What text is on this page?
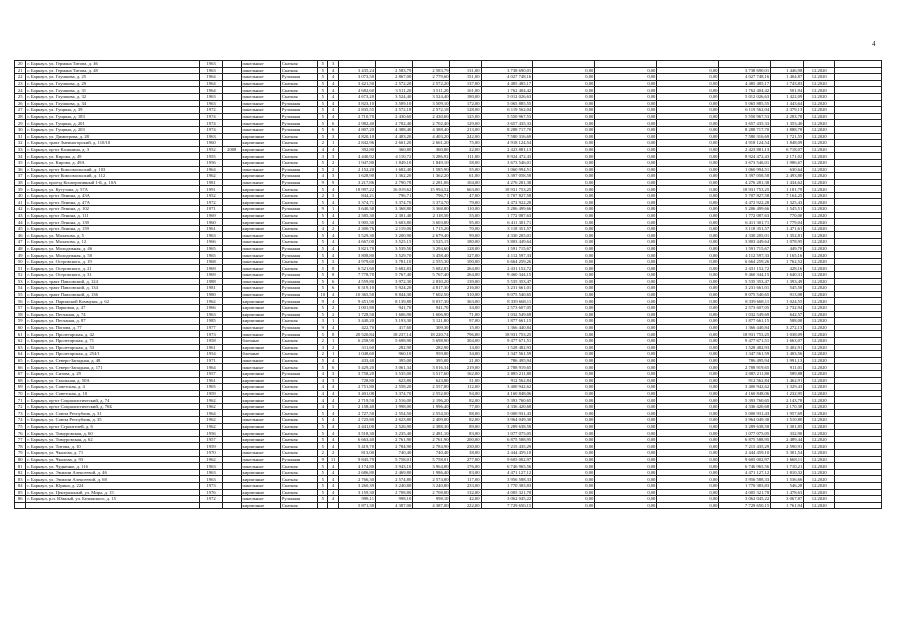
4
20	г. Барнаул, ул. Германа Титова, д. 46	1963		панельные	Скатная	5	3												
21	г. Барнаул, ул. Германа Титова, д. 48	1963		панельные	Скатная	5	4	3 435,24	2 583,79	2 583,79	131,00	3 738 690,01	0,00	0,00	0,00	3 738 690,01	1 446,98	12.2020	
22	г. Барнаул, ул. Глушкова, д. 25	1964		панельные	Рулонная	5	4	3 073,50	2 867,00	2 779,60	151,00	4 027 748,16	0,00	0,00	0,00	4 027 748,16	1 404,87	12.2020	
23	г. Барнаул, ул. Глушкова, д. 29	1964		панельные	Скатная	5	4	3 421,50	2 572,20	2 572,20	137,00	4 485 485,17	0,00	0,00	0,00	4 485 485,17	1 743,83	12.2020	
24	г. Барнаул, ул. Глушкова, д. 31	1964		панельные	Скатная	5	4	4 682,60	3 511,20	3 511,20	161,00	1 762 404,42	0,00	0,00	0,00	1 762 404,42	501,94	12.2020	
25	г. Барнаул, ул. Глушкова, д. 32	1963		панельные	Скатная	5	4	4 673,20	3 524,40	3 524,40	180,00	5 012 026,63	0,00	0,00	0,00	5 012 026,63	1 422,09	12.2020	
26	г. Барнаул, ул. Глушкова, д. 34	1963		панельные	Рулонная	5	4	3 823,10	3 509,10	3 509,10	172,00	5 065 885,55	0,00	0,00	0,00	5 065 885,55	1 443,64	12.2020	
27	г. Барнаул, ул. Гущина, д. 39	1972		панельные	Рулонная	5	4	2 835,55	2 572,18	2 572,18	128,00	6 119 562,04	0,00	0,00	0,00	6 119 562,04	2 379,13	12.2020	
28	г. Барнаул, ул. Гущина, д. 183	1974		панельные	Рулонная	5	4	2 710,70	2 430,60	2 430,60	125,00	5 550 967,53	0,00	0,00	0,00	5 550 967,53	2 283,78	12.2020	
29	г. Барнаул, ул. Гущина, д. 201	1974		панельные	Рулонная	5	6	2 982,40	2 702,40	2 702,40	129,00	3 657 435,33	0,00	0,00	0,00	3 657 435,33	1 353,40	12.2020	
30	г. Барнаул, ул. Гущина, д. 203	1974		панельные	Рулонная	5	6	4 807,20	4 388,40	4 388,40	213,00	8 288 717,70	0,00	0,00	0,00	8 288 717,70	1 888,78	12.2020	
31	г. Барнаул, ул. Димитрова, д. 28	1963		кирпичные	Скатная	5	3	4 820,10	4 403,20	4 403,20	242,00	7 580 316,69	0,00	0,00	0,00	7 580 316,69	1 721,55	12.2020	
32	г. Барнаул, тракт Змеиногорский, д. 110/10	1960		кирпичные	Скатная	2	1	2 842,96	2 661,20	2 661,20	75,00	4 918 124,54	0,00	0,00	0,00	4 918 124,54	1 848,09	12.2020	
33	г. Барнаул, пр-кт Калинина, д. 3	1952	2008	кирпичные	Скатная	4	4	392,80	360,80	360,80	22,00	2 423 881,13	0,00	0,00	0,00	2 423 881,13	6 718,07	12.2020	
34	г. Барнаул, ул. Кирова, д. 49	1955		кирпичные	Скатная	3	3	4 440,92	4 110,72	3 286,92	111,00	8 924 472,43	0,00	0,00	0,00	8 924 472,43	2 171,02	12.2020	
35	г. Барнаул, ул. Кирова, д. 49А	1956		кирпичные	Скатная	5	2	1 947,80	1 849,10	1 849,10	58,00	3 673 546,01	0,00	0,00	0,00	3 673 546,01	1 986,67	12.2020	
36	г. Барнаул, пр-кт Комсомольский, д. 103	1964		панельные	Рулонная	5	2	2 152,20	1 682,40	1 585,90	55,00	1 060 994,51	0,00	0,00	0,00	1 060 994,51	630,64	12.2020	
37	г. Барнаул, пр-кт Комсомольский, д. 112	1962		кирпичные	Рулонная	4	3	1 628,90	1 362,20	1 362,20	61,00	3 397 058,58	0,00	0,00	0,00	3 397 058,58	2 493,80	12.2020	
38	г. Барнаул, проезд Кооперативный 1-й, д. 10А	1981		панельные	Рулонная	9	9	3 217,86	2 790,78	2 281,06	104,00	4 276 281,38	0,00	0,00	0,00	4 276 281,38	1 434,62	12.2020	
39	г. Барнаул, ул. Кутузова, д. 57А	1991		кирпичные	Скатная	5	4	18 997,22	16 019,62	15 994,52	663,00	18 931 753,25	0,00	0,00	0,00	18 931 753,25	1 181,79	12.2020	
40	г. Барнаул, пр-кт Ленина, д. 43А	1952		кирпичные	Скатная	2	3	844,21	796,71	796,71	47,00	5 707 827,58	0,00	0,00	0,00	5 707 827,58	7 164,25	12.2020	
41	г. Барнаул, пр-кт Ленина, д. 47А	1972		кирпичные	Скатная	5	4	3 374,71	3 374,70	3 374,70	79,00	4 472 922,28	0,00	0,00	0,00	4 472 922,28	1 325,43	12.2020	
42	г. Барнаул, пр-кт Ленина, д. 102	1971		кирпичные	Рулонная	9	1	3 640,30	3 368,80	3 368,80	110,00	5 206 499,66	0,00	0,00	0,00	5 206 499,66	1 545,51	12.2020	
43	г. Барнаул, пр-кт Ленина, д. 111	1969		кирпичные	Скатная	5	4	2 585,30	2 301,40	2 118,50	55,00	1 772 087,63	0,00	0,00	0,00	1 772 087,63	770,00	12.2020	
44	г. Барнаул, пр-кт Ленина, д. 139	1960		кирпичные	Скатная	5	4	3 905,30	3 603,80	3 603,80	95,00	6 411 301,71	0,00	0,00	0,00	6 411 301,71	1 779,04	12.2020	
45	г. Барнаул, пр-кт Ленина, д. 159	1961		кирпичные	Скатная	4	2	2 300,76	2 119,00	1 715,20	70,00	3 118 351,57	0,00	0,00	0,00	3 118 351,57	1 471,61	12.2020	
46	г. Барнаул, ул. Малахова, д. 5	1963		панельные	Скатная	5	4	3 529,30	3 200,90	2 679,40	99,00	4 330 205,01	0,00	0,00	0,00	4 330 205,01	1 352,81	12.2020	
47	г. Барнаул, ул. Малахова, д. 12	1966		панельные	Скатная	5	4	4 667,00	3 525,15	3 525,15	180,00	3 803 449,64	0,00	0,00	0,00	3 803 449,64	1 078,95	12.2020	
48	г. Барнаул, ул. Молодежная, д. 46	1965		панельные	Рулонная	5	4	3 821,70	3 539,50	3 294,60	128,00	1 591 715,67	0,00	0,00	0,00	1 591 715,67	449,70	12.2020	
49	г. Барнаул, ул. Молодежная, д. 50	1965		панельные	Рулонная	5	4	3 808,80	3 529,70	3 458,40	127,00	4 112 597,33	0,00	0,00	0,00	4 112 597,33	1 165,16	12.2020	
50	г. Барнаул, ул. Островского, д. 19	1968		панельные	Скатная	5	3	4 979,60	3 781,10	2 555,30	100,00	6 664 259,26	0,00	0,00	0,00	6 664 259,26	1 762,52	12.2020	
51	г. Барнаул, ул. Островского, д. 21	1969		панельные	Скатная	5	8	6 521,60	5 682,83	5 682,83	264,00	2 431 152,72	0,00	0,00	0,00	2 431 152,72	428,16	12.2020	
52	г. Барнаул, ул. Островского, д. 31	1969		панельные	Рулонная	5	8	7 778,70	5 767,40	5 767,40	264,00	9 460 344,15	0,00	0,00	0,00	9 460 344,15	1 640,31	12.2020	
53	г. Барнаул, тракт Павловский, д. 124	1988		панельные	Рулонная	5	6	4 559,80	3 972,30	2 830,20	139,00	5 535 353,47	0,00	0,00	0,00	5 535 353,47	1 393,49	12.2020	
54	г. Барнаул, тракт Павловский, д. 134	1981		панельные	Рулонная	5	6	6 319,10	5 924,20	4 817,30	216,00	3 231 661,01	0,00	0,00	0,00	3 231 661,01	545,50	12.2020	
55	г. Барнаул, тракт Павловский, д. 136	1980		панельные	Рулонная	10	4	10 365,50	8 844,30	7 602,50	310,00	8 075 540,65	0,00	0,00	0,00	8 075 540,65	913,08	12.2020	
56	г. Барнаул, ул. Парижской Коммуны, д. 62	1962		кирпичные	Рулонная	9	4	9 451,90	8 139,80	8 037,30	363,00	8 339 668,11	0,00	0,00	0,00	8 339 668,11	1 024,55	12.2020	
57	г. Барнаул, ул. Парковая, д. 47	1966		кирпичные	Скатная	5	2	1 001,80	941,70	941,70	34,00	2 573 607,05	0,00	0,00	0,00	2 573 607,05	2 732,94	12.2020	
58	г. Барнаул, ул. Песчаная, д. 74	1963		кирпичные	Рулонная	5	2	1 728,50	1 606,90	1 606,90	71,00	1 032 549,69	0,00	0,00	0,00	1 032 549,69	642,57	12.2020	
59	г. Барнаул, ул. Песчаная, д. 87	1985		кирпичные	Скатная	3	1	3 440,20	3 193,30	3 121,80	97,00	1 877 661,15	0,00	0,00	0,00	1 877 661,15	588,00	12.2020	
60	г. Барнаул, ул. Попова, д. 77	1977		панельные	Рулонная	9	4	422,70	417,60	309,30	15,00	1 366 440,84	0,00	0,00	0,00	1 366 440,84	3 272,13	12.2020	
61	г. Барнаул, ул. Пролетарская, д. 42	1973		панельные	Рулонная	5	8	20 520,84	18 237,14	18 220,74	796,00	18 931 753,25	0,00	0,00	0,00	18 931 753,25	1 038,09	12.2020	
62	г. Барнаул, ул. Пролетарская, д. 71	1958		блочные	Скатная	2	1	6 258,90	5 698,90	5 698,90	304,00	9 477 671,51	0,00	0,00	0,00	9 477 671,51	1 663,07	12.2020	
63	г. Барнаул, ул. Пролетарская, д. 53	1961		кирпичные	Скатная	3	2	311,60	282,90	282,90	14,00	1 528 482,93	0,00	0,00	0,00	1 528 482,93	5 402,91	12.2020	
64	г. Барнаул, ул. Пролетарская, д. 254/1	1954		блочные	Скатная	2	1	1 048,60	960,10	959,80	34,00	1 347 561,59	0,00	0,00	0,00	1 347 561,59	1 403,56	12.2020	
65	г. Барнаул, ул. Северо-Западная, д. 48	1971		панельные	Скатная	5	4	433,40	395,00	395,00	21,00	786 495,94	0,00	0,00	0,00	786 495,94	1 991,13	12.2020	
66	г. Барнаул, ул. Северо-Западная, д. 171	1964		панельные	Скатная	5	6	5 429,20	3 061,34	3 016,34	219,00	2 788 919,65	0,00	0,00	0,00	2 788 919,65	911,01	12.2020	
67	г. Барнаул, ул. Сизова, д. 29	1957		кирпичные	Рулонная	4	3	3 758,20	3 535,00	3 517,60	162,00	2 085 211,80	0,00	0,00	0,00	2 085 211,80	589,88	12.2020	
68	г. Барнаул, ул. Смольная, д. 50А	1961		кирпичные	Скатная	4	3	728,80	623,80	623,80	31,00	912 562,84	0,00	0,00	0,00	912 562,84	1 462,91	12.2020	
69	г. Барнаул, ул. Советская, д. 4	1965		кирпичные	Скатная	4	4	2 751,80	2 558,20	2 557,80	112,00	3 400 942,62	0,00	0,00	0,00	3 400 942,62	1 329,43	12.2020	
70	г. Барнаул, ул. Советская, д. 10	1959		кирпичные	Скатная	4	4	3 401,08	3 374,70	2 552,00	94,00	4 160 848,06	0,00	0,00	0,00	4 160 848,06	1 232,95	12.2020	
71	г. Барнаул, пр-кт Социалистический, д. 74	1962		кирпичные	Скатная	4	4	2 719,50	2 516,00	2 196,20	82,00	5 393 760,65	0,00	0,00	0,00	5 393 760,65	2 143,78	12.2020	
72	г. Барнаул, пр-кт Социалистический, д. 76Б	1962		кирпичные	Скатная	4	3	2 158,40	1 998,00	1 996,40	77,00	4 336 420,68	0,00	0,00	0,00	4 336 420,68	2 170,38	12.2020	
73	г. Барнаул, ул. Союза Республик, д. 31	1964		кирпичные	Скатная	5	4	2 727,50	2 554,50	2 554,50	88,00	5 000 931,43	0,00	0,00	0,00	5 000 931,43	1 957,69	12.2020	
74	г. Барнаул, ул. Союза Республик, д. 35	1962		панельные	Скатная	5	4	2 725,80	2 623,80	2 409,00	82,00	3 964 049,30	0,00	0,00	0,00	3 964 049,30	1 510,80	12.2020	
75	г. Барнаул, пр-кт Строителей, д. 6	1962		кирпичные	Скатная	5	4	2 441,00	2 526,90	2 388,30	89,00	3 289 638,58	0,00	0,00	0,00	3 289 638,58	1 301,85	12.2020	
76	г. Барнаул, ул. Тимуровская, д. 60	1956		кирпичные	Скатная	5	4	3 518,30	3 235,40	2 481,10	83,00	1 077 075,05	0,00	0,00	0,00	1 077 075,05	332,90	12.2020	
77	г. Барнаул, ул. Тимуровская, д. 62	1957		кирпичные	Скатная	5	4	6 663,40	2 761,90	2 761,90	200,00	6 875 588,95	0,00	0,00	0,00	6 875 588,95	2 489,44	12.2020	
78	г. Барнаул, ул. Титова, д. 10	1959		кирпичные	Скатная	5	4	5 419,70	2 784,90	2 784,90	230,00	7 215 435,29	0,00	0,00	0,00	7 215 435,29	2 590,91	12.2020	
79	г. Барнаул, ул. Чкалова, д. 71	1970		панельные	Скатная	2	2	813,00	740,40	740,40	38,00	2 444 459,10	0,00	0,00	0,00	2 444 459,10	3 301,54	12.2020	
80	г. Барнаул, ул. Чкалова, д. 93	1962		панельные	Рулонная	9	11	9 845,79	5 758,01	5 758,01	277,00	9 605 002,97	0,00	0,00	0,00	9 605 002,97	1 668,11	12.2020	
81	г. Барнаул, ул. Чудненко, д. 116	1963		панельные	Скатная	5	4	4 174,80	3 943,10	3 964,80	176,00	6 746 965,56	0,00	0,00	0,00	6 746 965,56	1 710,21	12.2020	
82	г. Барнаул, ул. Эмилии Алексеевой, д. 46	1963		кирпичные	Скатная	5	4	2 686,80	2 469,80	1 986,40	83,00	4 471 127,12	0,00	0,00	0,00	4 471 127,12	1 810,32	12.2020	
83	г. Барнаул, ул. Эмилии Алексеевой, д. 68	1963		кирпичные	Скатная	5	4	2 766,30	2 574,80	2 574,80	117,00	3 956 588,33	0,00	0,00	0,00	3 956 588,33	1 536,66	12.2020	
84	г. Барнаул, ул. Юрина, д. 224	1973		панельные	Скатная	5	4	3 260,39	3 240,80	3 240,80	233,00	1 770 383,83	0,00	0,00	0,00	1 770 383,83	546,28	12.2020	
85	г. Барнаул, ул. Центральный, ул. Мира, д. 15	1976		кирпичные	Скатная	5	4	3 159,30	2 708,80	2 708,80	132,00	4 005 321,78	0,00	0,00	0,00	4 005 321,78	1 478,63	12.2020	
86	г. Барнаул, р.п. Южный, ул. Белинского, д. 15	1972		панельные	Рулонная	5	4	998,11	998,10	998,10	42,00	3 062 045,22	0,00	0,00	0,00	3 062 045,22	3 067,87	12.2020	
				кирпичные	Скатная			5 871,30	4 387,00	4 387,00	222,00	7 729 650,15	0,00	0,00	0,00	7 729 650,15	1 761,94	12.2020	
